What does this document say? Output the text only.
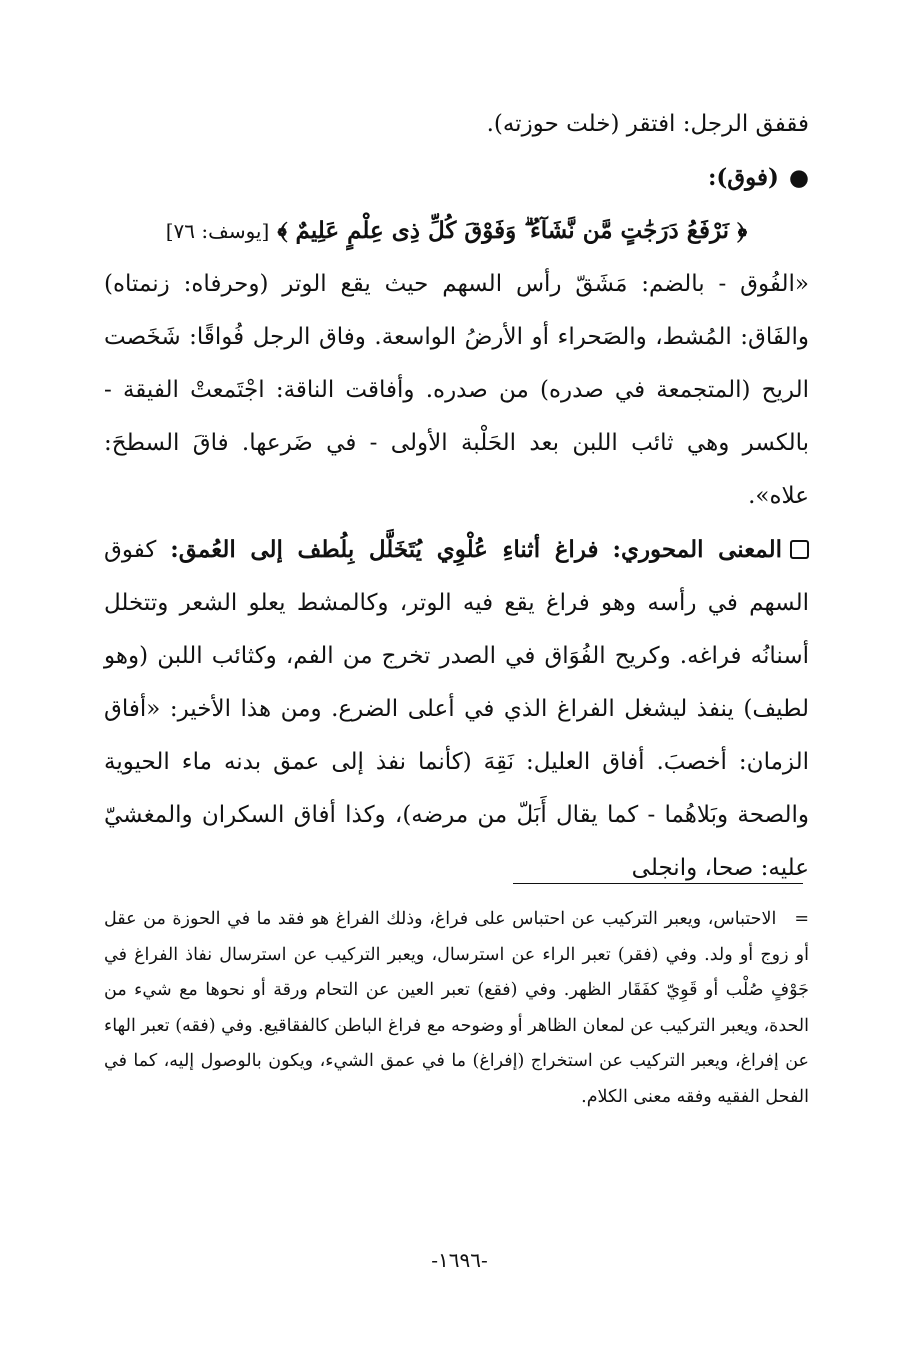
ﻓﻘﻔﻖ الرجل: افتقر (خلت حوزته).

●(فوق):

﴿ نَرْفَعُ دَرَجَٰتٍ مَّن نَّشَآءُ ۗ وَفَوْقَ كُلِّ ذِى عِلْمٍ عَلِيمٌ ﴾ [يوسف: ٧٦]

«الفُوق - بالضم: مَشَقّ رأس السهم حيث يقع الوتر (وحرفاه: زنمتاه) والفَاق: المُشط، والصَحراء أو الأرضُ الواسعة. وفاق الرجل فُواقًا: شَخَصت الريح (المتجمعة في صدره) من صدره. وأفاقت الناقة: اجْتَمعتْ الفيقة - بالكسر وهي ثائب اللبن بعد الحَلْبة الأولى - في ضَرعها. فاقَ السطحَ: علاه».

المعنى المحوري: فراغ أثناءِ عُلْوِي يُتَخَلَّل بِلُطف إلى العُمق: كفوق السهم في رأسه وهو فراغ يقع فيه الوتر، وكالمشط يعلو الشعر وتتخلل أسنانُه فراغه. وكريح الفُوَاق في الصدر تخرج من الفم، وكثائب اللبن (وهو لطيف) ينفذ ليشغل الفراغ الذي في أعلى الضرع. ومن هذا الأخير: «أفاق الزمان: أخصبَ. أفاق العليل: نَقِهَ (كأنما نفذ إلى عمق بدنه ماء الحيوية والصحة وبَلاهُما - كما يقال أَبَلّ من مرضه)، وكذا أفاق السكران والمغشيّ عليه: صحا، وانجلى

=الاحتباس، ويعبر التركيب عن احتباس على فراغ، وذلك الفراغ هو فقد ما في الحوزة من عقل أو زوج أو ولد. وفي (فقر) تعبر الراء عن استرسال، ويعبر التركيب عن استرسال نفاذ الفراغ في جَوْفٍ صُلْب أو قَوِيّ كفَقَار الظهر. وفي (فقع) تعبر العين عن التحام ورقة أو نحوها مع شيء من الحدة، ويعبر التركيب عن لمعان الظاهر أو وضوحه مع فراغ الباطن كالفقاقيع. وفي (فقه) تعبر الهاء عن إفراغ، ويعبر التركيب عن استخراج (إفراغ) ما في عمق الشيء، ويكون بالوصول إليه، كما في الفحل الفقيه وفقه معنى الكلام.

-١٦٩٦-
